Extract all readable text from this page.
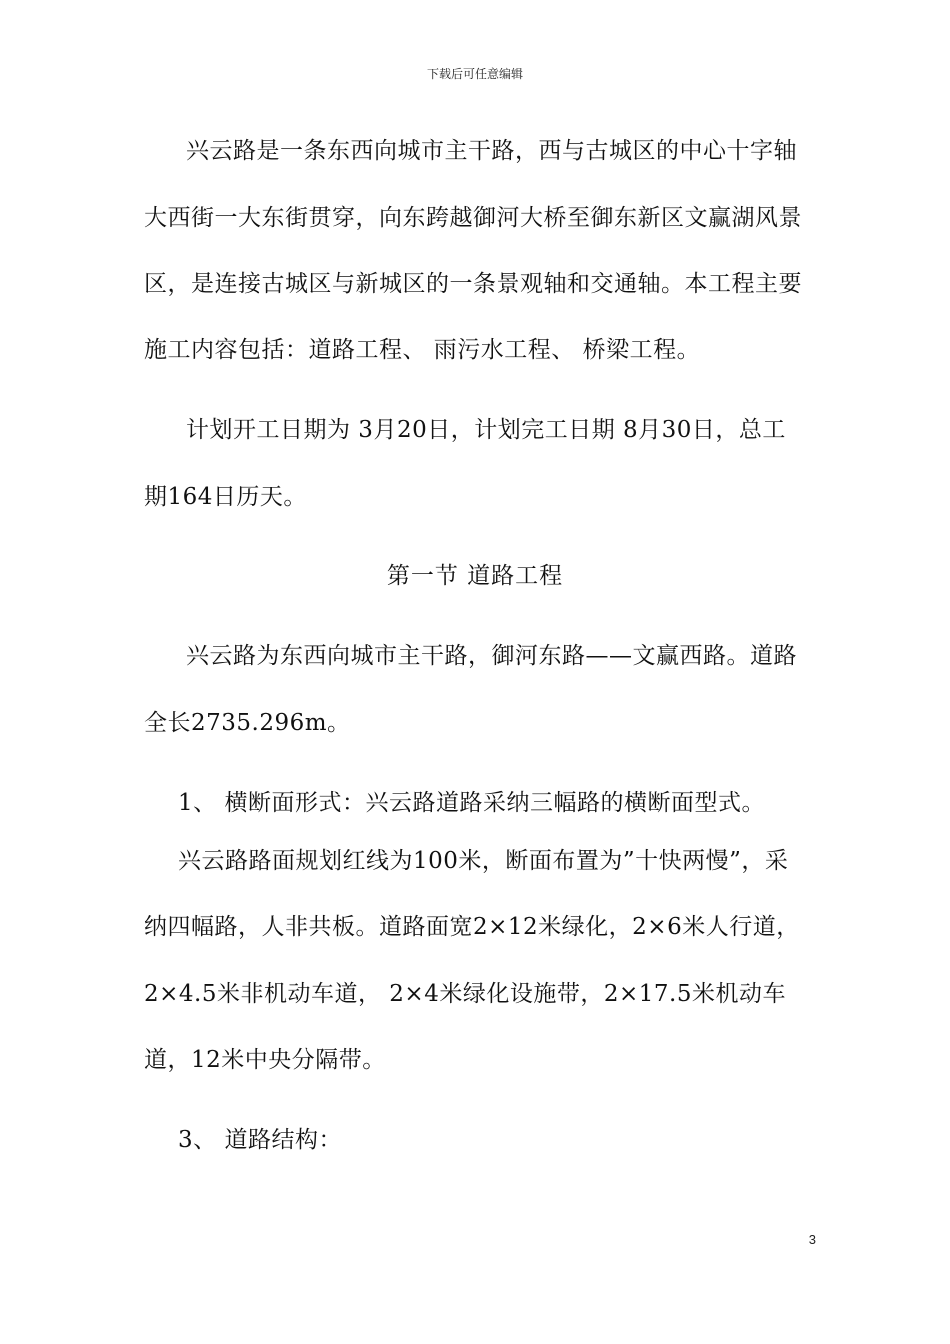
下载后可任意编辑
兴云路是一条东西向城市主干路，西与古城区的中心十字轴
大西街一大东街贯穿，向东跨越御河大桥至御东新区文赢湖风景
区，是连接古城区与新城区的一条景观轴和交通轴。本工程主要
施工内容包括：道路工程、 雨污水工程、 桥梁工程。
计划开工日期为 3月20日，计划完工日期 8月30日，总工
期164日历天。
第一节 道路工程
兴云路为东西向城市主干路，御河东路——文赢西路。道路
全长2735.296m。
1、 横断面形式：兴云路道路采纳三幅路的横断面型式。
兴云路路面规划红线为100米，断面布置为”十快两慢”，采
纳四幅路，人非共板。道路面宽2×12米绿化，2×6米人行道，
2×4.5米非机动车道， 2×4米绿化设施带，2×17.5米机动车
道，12米中央分隔带。
3、 道路结构：
3
